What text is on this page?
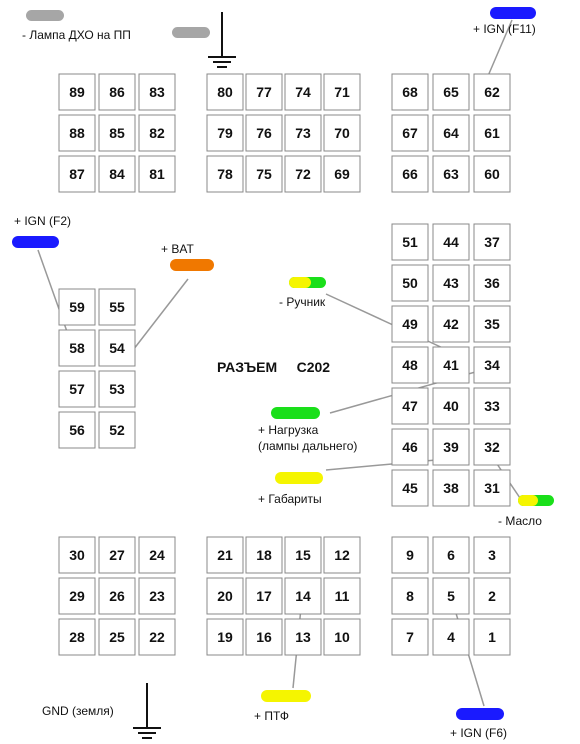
89 86 83
88 85 82
87 84 81
80 77 74 71
79 76 73 70
78 75 72 69
68 65 62
67 64 61
66 63 60
51 44 37
50 43 36
49 42 35
48 41 34
47 40 33
46 39 32
45 38 31
59 55
58 54
57 53
56 52
30 27 24
29 26 23
28 25 22
21 18 15 12
20 17 14 11
19 16 13 10
9 6 3
8 5 2
7 4 1
- Лампа ДХО на ПП	+ IGN (F11)
+ IGN (F2)
+ BAT
- Ручник
+ Нагрузка
(лампы дальнего)
+ Габариты
- Масло
+ ПТФ
+ IGN (F6)
GND (земля)
РАЗЪЕМ     С202
